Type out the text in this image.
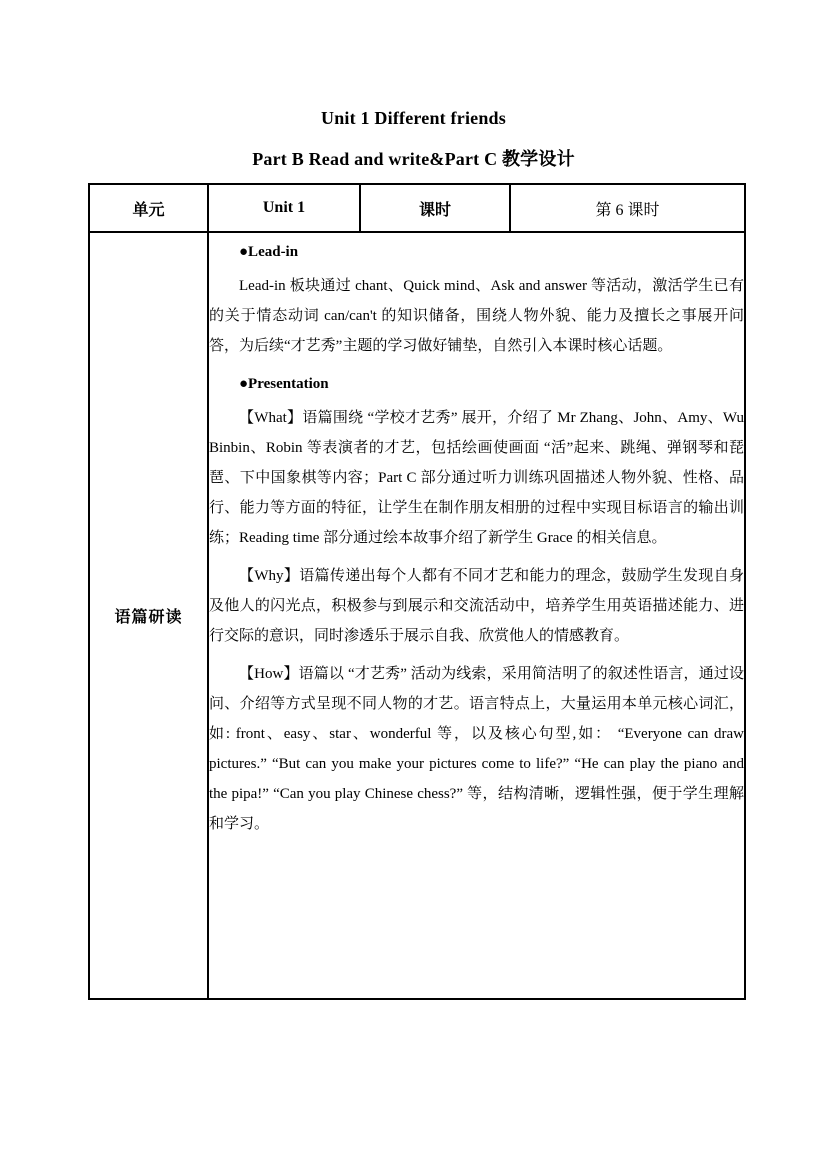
Unit 1 Different friends
Part B Read and write&Part C 教学设计
单元	Unit 1	课时	第 6 课时
语篇研读	
●Lead-in

Lead-in 板块通过 chant、Quick mind、Ask and answer 等活动，激活学生已有的关于情态动词 can/can't 的知识储备，围绕人物外貌、能力及擅长之事展开问答，为后续“才艺秀”主题的学习做好铺垫，自然引入本课时核心话题。

●Presentation

【What】语篇围绕 “学校才艺秀” 展开，介绍了 Mr Zhang、John、Amy、Wu Binbin、Robin 等表演者的才艺，包括绘画使画面 “活”起来、跳绳、弹钢琴和琵琶、下中国象棋等内容；Part C 部分通过听力训练巩固描述人物外貌、性格、品行、能力等方面的特征，让学生在制作朋友相册的过程中实现目标语言的输出训练；Reading time 部分通过绘本故事介绍了新学生 Grace 的相关信息。

【Why】语篇传递出每个人都有不同才艺和能力的理念，鼓励学生发现自身及他人的闪光点，积极参与到展示和交流活动中，培养学生用英语描述能力、进行交际的意识，同时渗透乐于展示自我、欣赏他人的情感教育。

【How】语篇以 “才艺秀” 活动为线索，采用简洁明了的叙述性语言，通过设问、介绍等方式呈现不同人物的才艺。语言特点上，大量运用本单元核心词汇，如: front、easy、star、wonderful 等，以及核心句型,如： “Everyone can draw pictures.” “But can you make your pictures come to life?” “He can play the piano and the pipa!” “Can you play Chinese chess?” 等，结构清晰，逻辑性强，便于学生理解和学习。
